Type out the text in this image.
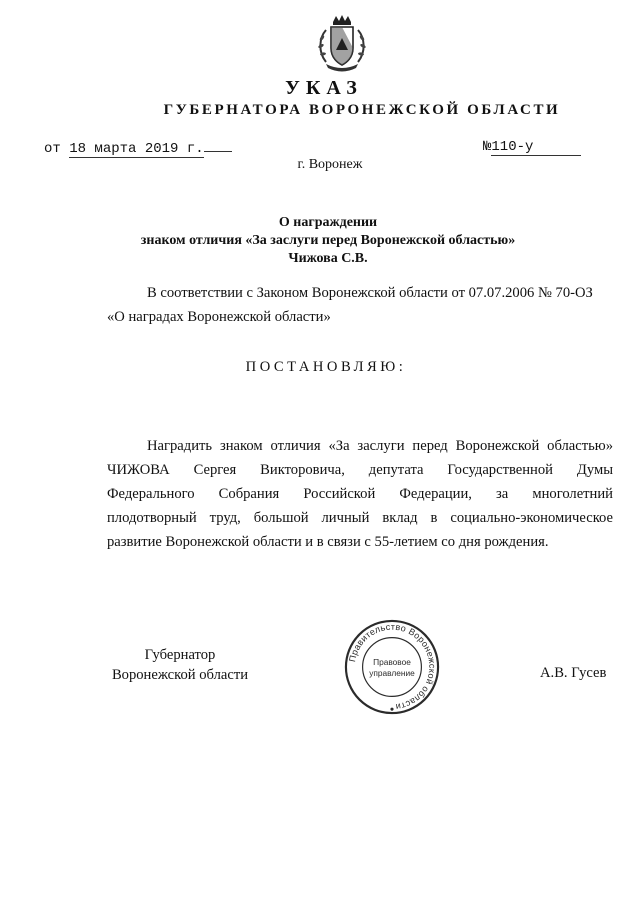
УКАЗ
ГУБЕРНАТОРА ВОРОНЕЖСКОЙ ОБЛАСТИ
от 18 марта 2019 г.	№110-у
г. Воронеж
О награждении
знаком отличия «За заслуги перед Воронежской областью»
Чижова С.В.
В соответствии с Законом Воронежской области от 07.07.2006 № 70-ОЗ
«О наградах Воронежской области»
ПОСТАНОВЛЯЮ:
Наградить знаком отличия «За заслуги перед Воронежской областью»
ЧИЖОВА Сергея Викторовича, депутата Государственной Думы
Федерального Собрания Российской Федерации, за многолетний
плодотворный труд, большой личный вклад в социально-экономическое
развитие Воронежской области и в связи с 55-летием со дня рождения.
Губернатор
Воронежской области	А.В. Гусев
Правительство Воронежской области
Правовое
управление
